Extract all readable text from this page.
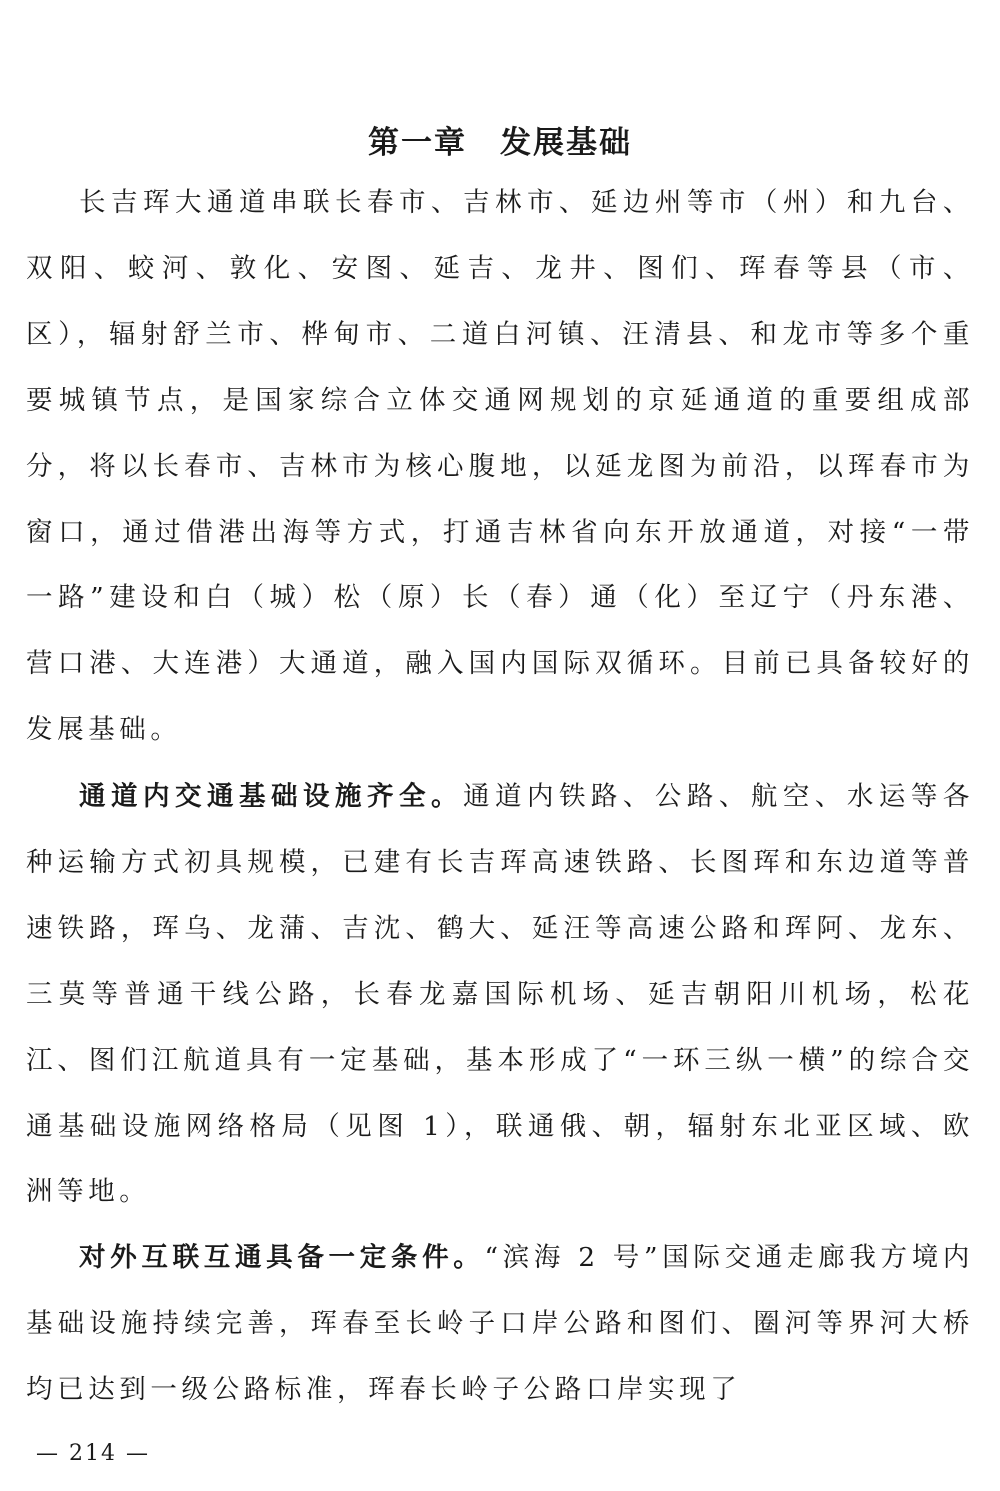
第一章　发展基础

长吉珲大通道串联长春市、吉林市、延边州等市（州）和九台、双阳、蛟河、敦化、安图、延吉、龙井、图们、珲春等县（市、区），辐射舒兰市、桦甸市、二道白河镇、汪清县、和龙市等多个重要城镇节点，是国家综合立体交通网规划的京延通道的重要组成部分，将以长春市、吉林市为核心腹地，以延龙图为前沿，以珲春市为窗口，通过借港出海等方式，打通吉林省向东开放通道，对接“一带一路”建设和白（城）松（原）长（春）通（化）至辽宁（丹东港、营口港、大连港）大通道，融入国内国际双循环。目前已具备较好的发展基础。

通道内交通基础设施齐全。通道内铁路、公路、航空、水运等各种运输方式初具规模，已建有长吉珲高速铁路、长图珲和东边道等普速铁路，珲乌、龙蒲、吉沈、鹤大、延汪等高速公路和珲阿、龙东、三莫等普通干线公路，长春龙嘉国际机场、延吉朝阳川机场，松花江、图们江航道具有一定基础，基本形成了“一环三纵一横”的综合交通基础设施网络格局（见图 1），联通俄、朝，辐射东北亚区域、欧洲等地。

对外互联互通具备一定条件。“滨海 2 号”国际交通走廊我方境内基础设施持续完善，珲春至长岭子口岸公路和图们、圈河等界河大桥均已达到一级公路标准，珲春长岭子公路口岸实现了

— 214 —
